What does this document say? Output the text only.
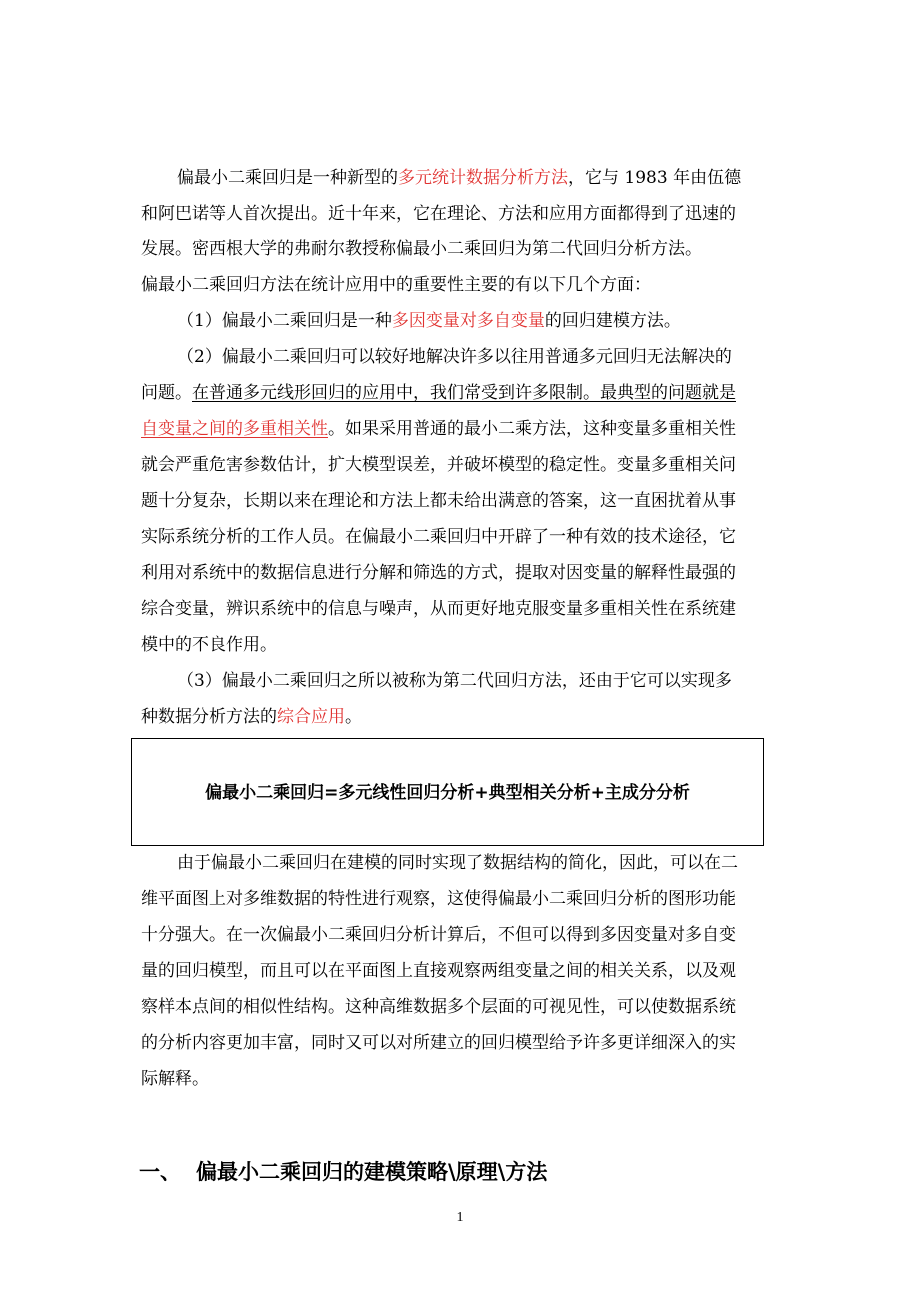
偏最小二乘回归是一种新型的多元统计数据分析方法，它与 1983 年由伍德
和阿巴诺等人首次提出。近十年来，它在理论、方法和应用方面都得到了迅速的
发展。密西根大学的弗耐尔教授称偏最小二乘回归为第二代回归分析方法。
偏最小二乘回归方法在统计应用中的重要性主要的有以下几个方面：
（1）偏最小二乘回归是一种多因变量对多自变量的回归建模方法。
（2）偏最小二乘回归可以较好地解决许多以往用普通多元回归无法解决的
问题。在普通多元线形回归的应用中，我们常受到许多限制。最典型的问题就是
自变量之间的多重相关性。如果采用普通的最小二乘方法，这种变量多重相关性
就会严重危害参数估计，扩大模型误差，并破坏模型的稳定性。变量多重相关问
题十分复杂，长期以来在理论和方法上都未给出满意的答案，这一直困扰着从事
实际系统分析的工作人员。在偏最小二乘回归中开辟了一种有效的技术途径，它
利用对系统中的数据信息进行分解和筛选的方式，提取对因变量的解释性最强的
综合变量，辨识系统中的信息与噪声，从而更好地克服变量多重相关性在系统建
模中的不良作用。
（3）偏最小二乘回归之所以被称为第二代回归方法，还由于它可以实现多
种数据分析方法的综合应用。
偏最小二乘回归=多元线性回归分析+典型相关分析+主成分分析
由于偏最小二乘回归在建模的同时实现了数据结构的简化，因此，可以在二
维平面图上对多维数据的特性进行观察，这使得偏最小二乘回归分析的图形功能
十分强大。在一次偏最小二乘回归分析计算后，不但可以得到多因变量对多自变
量的回归模型，而且可以在平面图上直接观察两组变量之间的相关关系，以及观
察样本点间的相似性结构。这种高维数据多个层面的可视见性，可以使数据系统
的分析内容更加丰富，同时又可以对所建立的回归模型给予许多更详细深入的实
际解释。
一、 偏最小二乘回归的建模策略\原理\方法
1
